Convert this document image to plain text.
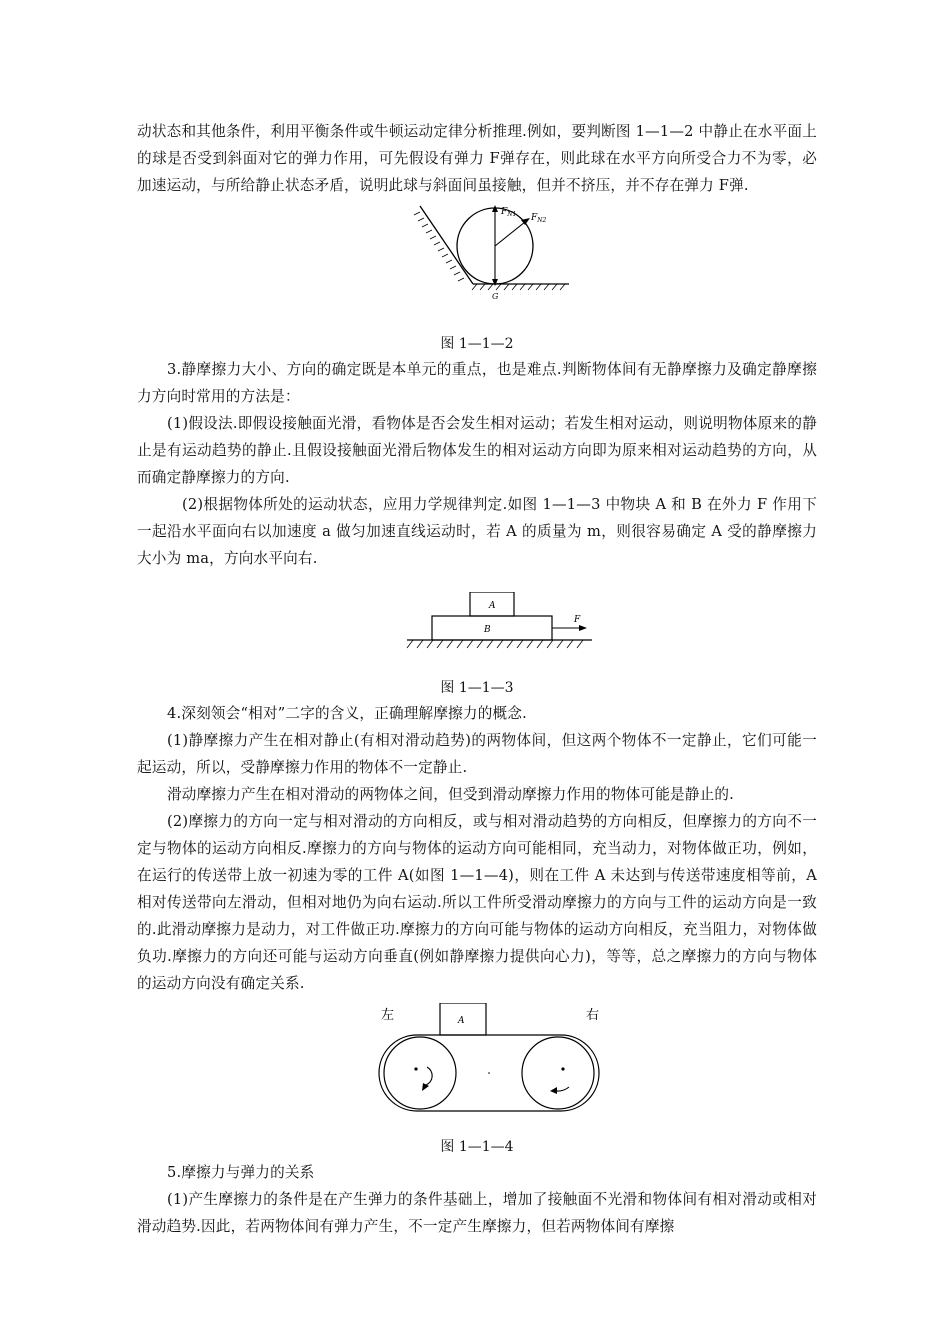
动状态和其他条件，利用平衡条件或牛顿运动定律分析推理.例如，要判断图 1—1—2 中静止在水平面上的球是否受到斜面对它的弹力作用，可先假设有弹力 F弹存在，则此球在水平方向所受合力不为零，必加速运动，与所给静止状态矛盾，说明此球与斜面间虽接触，但并不挤压，并不存在弹力 F弹.

$F_{N1}$ $F_{N2}$
G
图 1—1—2

3.静摩擦力大小、方向的确定既是本单元的重点，也是难点.判断物体间有无静摩擦力及确定静摩擦力方向时常用的方法是：

(1)假设法.即假设接触面光滑，看物体是否会发生相对运动；若发生相对运动，则说明物体原来的静止是有运动趋势的静止.且假设接触面光滑后物体发生的相对运动方向即为原来相对运动趋势的方向，从而确定静摩擦力的方向.

(2)根据物体所处的运动状态，应用力学规律判定.如图 1—1—3 中物块 A 和 B 在外力 F 作用下一起沿水平面向右以加速度 a 做匀加速直线运动时，若 A 的质量为 m，则很容易确定 A 受的静摩擦力大小为 ma，方向水平向右.

A
B
F
图 1—1—3

4.深刻领会“相对”二字的含义，正确理解摩擦力的概念.

(1)静摩擦力产生在相对静止(有相对滑动趋势)的两物体间，但这两个物体不一定静止，它们可能一起运动，所以，受静摩擦力作用的物体不一定静止.

滑动摩擦力产生在相对滑动的两物体之间，但受到滑动摩擦力作用的物体可能是静止的.

(2)摩擦力的方向一定与相对滑动的方向相反，或与相对滑动趋势的方向相反，但摩擦力的方向不一定与物体的运动方向相反.摩擦力的方向与物体的运动方向可能相同，充当动力，对物体做正功，例如，在运行的传送带上放一初速为零的工件 A(如图 1—1—4)，则在工件 A 未达到与传送带速度相等前，A 相对传送带向左滑动，但相对地仍为向右运动.所以工件所受滑动摩擦力的方向与工件的运动方向是一致的.此滑动摩擦力是动力，对工件做正功.摩擦力的方向可能与物体的运动方向相反，充当阻力，对物体做负功.摩擦力的方向还可能与运动方向垂直(例如静摩擦力提供向心力)，等等，总之摩擦力的方向与物体的运动方向没有确定关系.

左	右
A
图 1—1—4

5.摩擦力与弹力的关系

(1)产生摩擦力的条件是在产生弹力的条件基础上，增加了接触面不光滑和物体间有相对滑动或相对滑动趋势.因此，若两物体间有弹力产生，不一定产生摩擦力，但若两物体间有摩擦
